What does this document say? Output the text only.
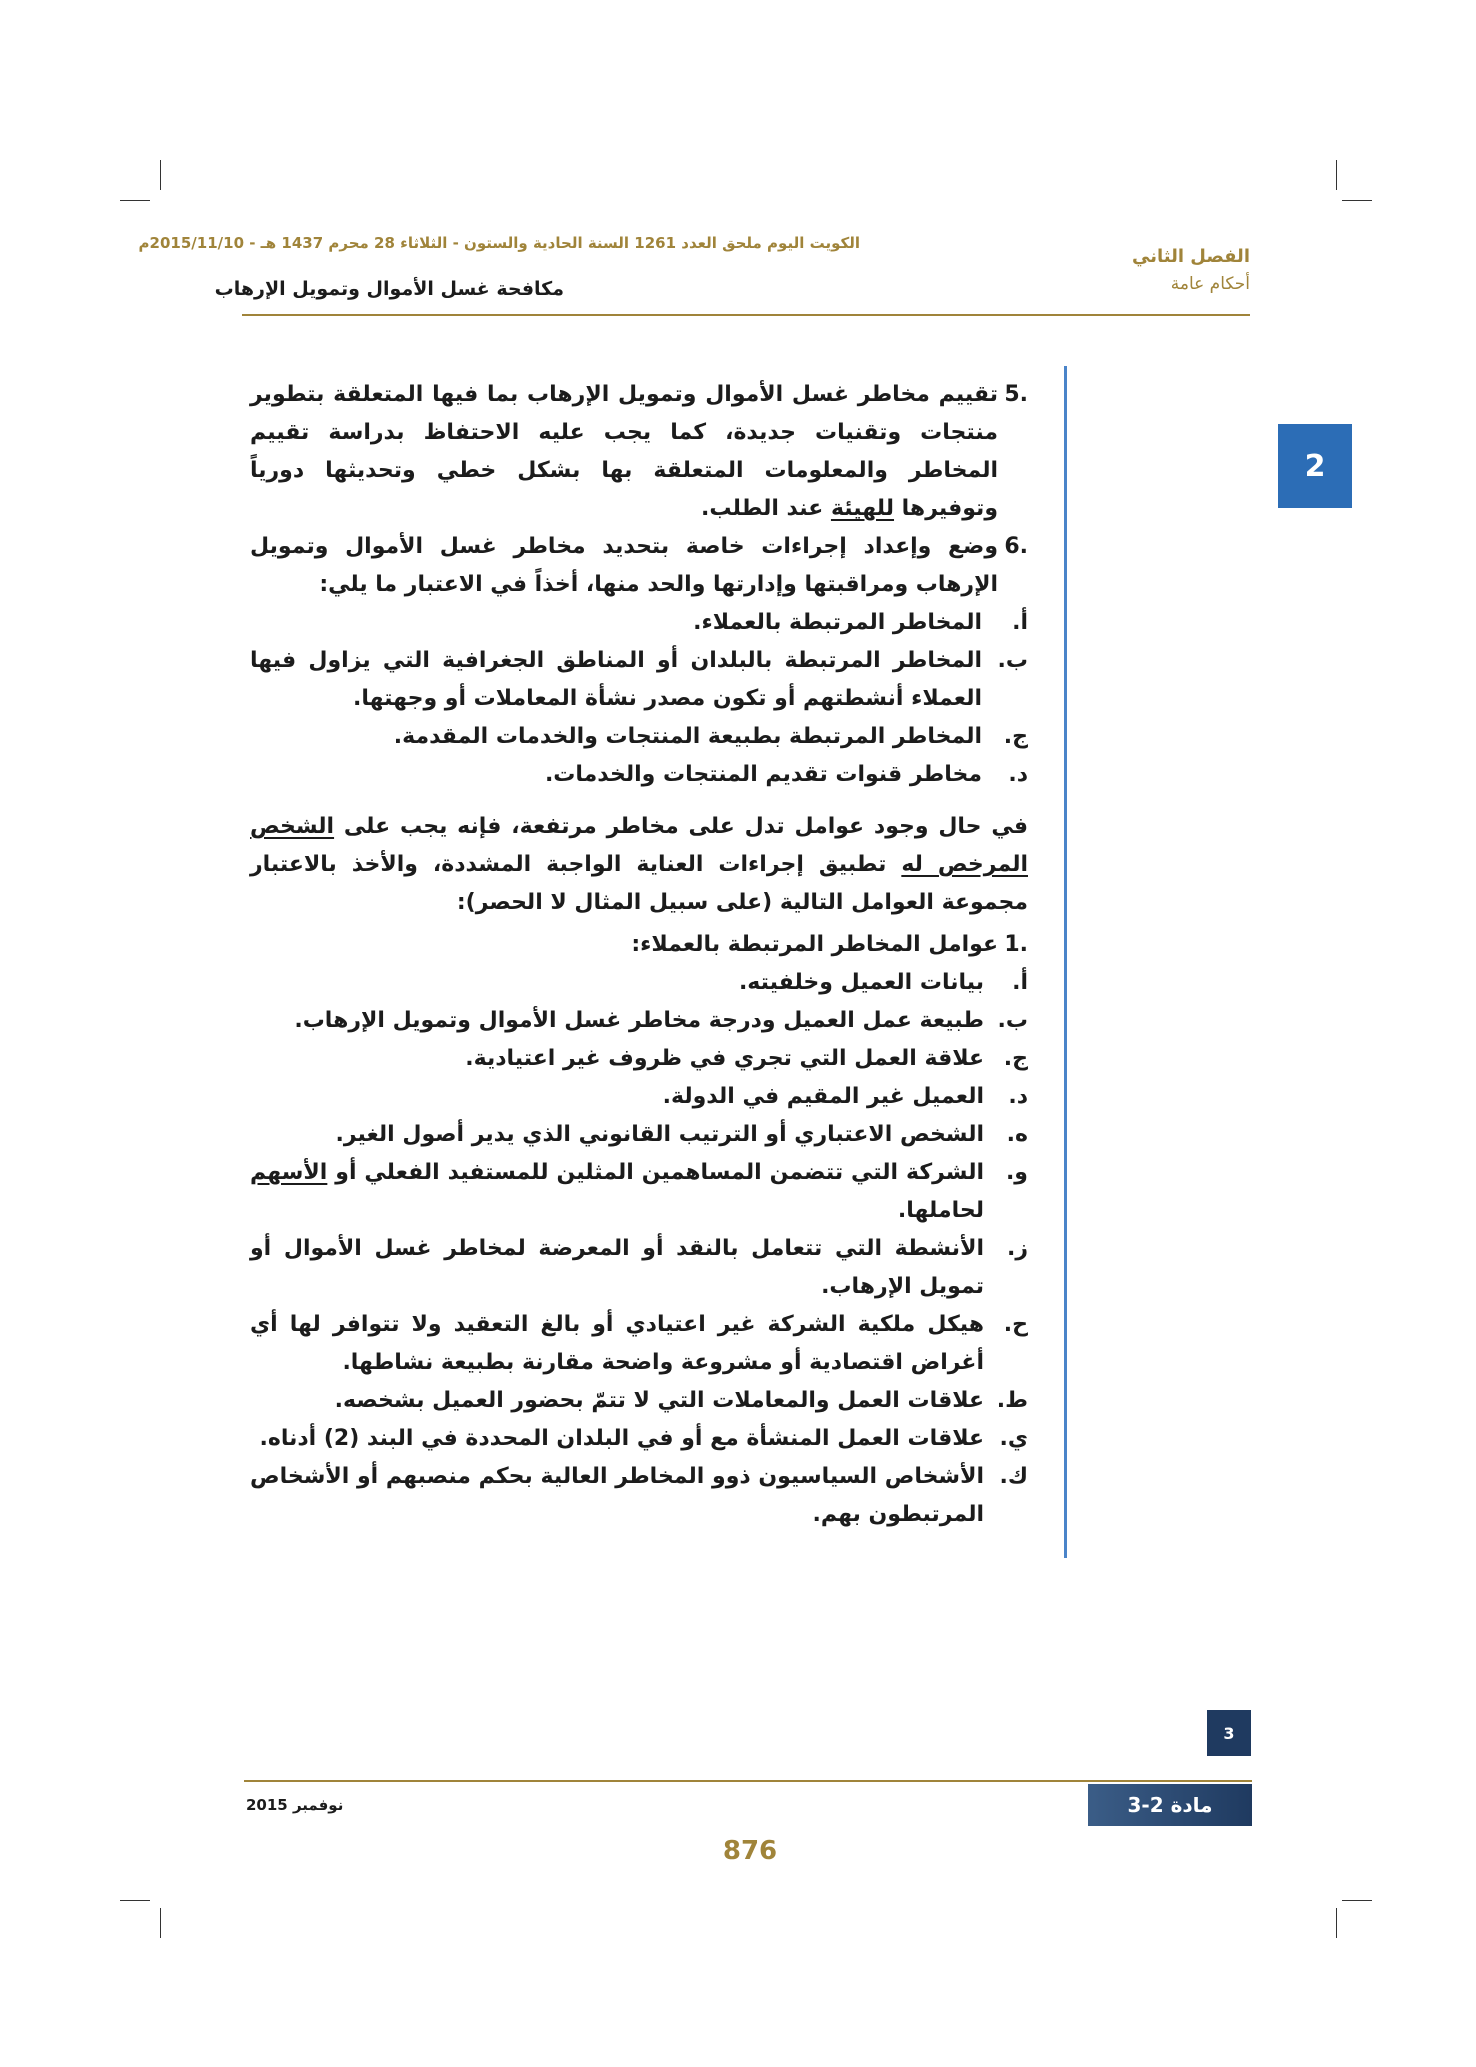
الكويت اليوم ملحق العدد 1261 السنة الحادية والستون - الثلاثاء 28 محرم 1437 هـ - 2015/11/10م
الفصل الثاني
أحكام عامة
مكافحة غسل الأموال وتمويل الإرهاب
2

.5
تقييم مخاطر غسل الأموال وتمويل الإرهاب بما فيها المتعلقة بتطوير منتجات وتقنيات جديدة، كما يجب عليه الاحتفاظ بدراسة تقييم المخاطر والمعلومات المتعلقة بها بشكل خطي وتحديثها دورياً وتوفيرها للهيئة عند الطلب.

.6
وضع وإعداد إجراءات خاصة بتحديد مخاطر غسل الأموال وتمويل الإرهاب ومراقبتها وإدارتها والحد منها، أخذاً في الاعتبار ما يلي:

أ.
المخاطر المرتبطة بالعملاء.

ب.
المخاطر المرتبطة بالبلدان أو المناطق الجغرافية التي يزاول فيها العملاء أنشطتهم أو تكون مصدر نشأة المعاملات أو وجهتها.

ج.
المخاطر المرتبطة بطبيعة المنتجات والخدمات المقدمة.

د.
مخاطر قنوات تقديم المنتجات والخدمات.

في حال وجود عوامل تدل على مخاطر مرتفعة، فإنه يجب على الشخص المرخص له تطبيق إجراءات العناية الواجبة المشددة، والأخذ بالاعتبار مجموعة العوامل التالية (على سبيل المثال لا الحصر):

.1
عوامل المخاطر المرتبطة بالعملاء:

أ.
بيانات العميل وخلفيته.

ب.
طبيعة عمل العميل ودرجة مخاطر غسل الأموال وتمويل الإرهاب.

ج.
علاقة العمل التي تجري في ظروف غير اعتيادية.

د.
العميل غير المقيم في الدولة.

ه.
الشخص الاعتباري أو الترتيب القانوني الذي يدير أصول الغير.

و.
الشركة التي تتضمن المساهمين المثلين للمستفيد الفعلي أو الأسهم لحاملها.

ز.
الأنشطة التي تتعامل بالنقد أو المعرضة لمخاطر غسل الأموال أو تمويل الإرهاب.

ح.
هيكل ملكية الشركة غير اعتيادي أو بالغ التعقيد ولا تتوافر لها أي أغراض اقتصادية أو مشروعة واضحة مقارنة بطبيعة نشاطها.

ط.
علاقات العمل والمعاملات التي لا تتمّ بحضور العميل بشخصه.

ي.
علاقات العمل المنشأة مع أو في البلدان المحددة في البند (2) أدناه.

ك.
الأشخاص السياسيون ذوو المخاطر العالية بحكم منصبهم أو الأشخاص المرتبطون بهم.

3
نوفمبر 2015	مادة 2-3
876
